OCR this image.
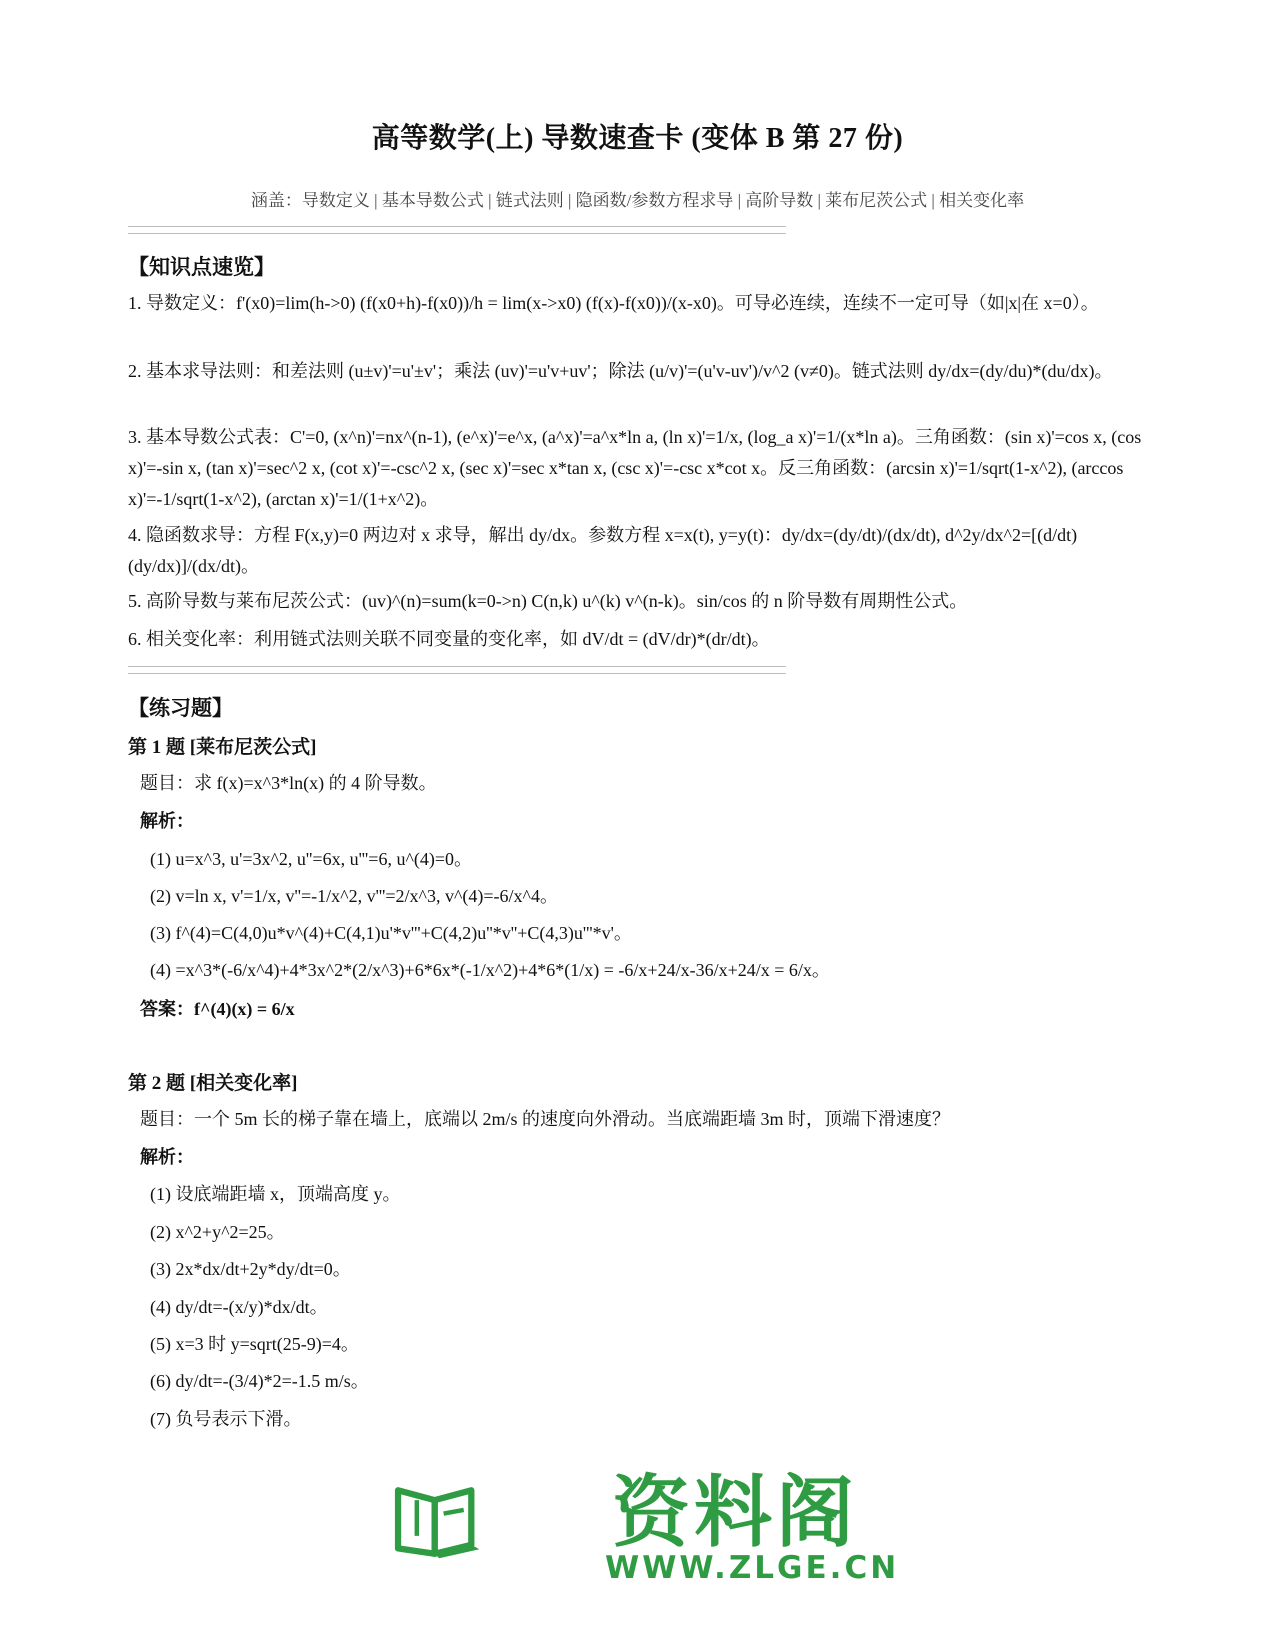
高等数学(上) 导数速查卡 (变体 B 第 27 份)
涵盖：导数定义 | 基本导数公式 | 链式法则 | 隐函数/参数方程求导 | 高阶导数 | 莱布尼茨公式 | 相关变化率
【知识点速览】
1. 导数定义：f'(x0)=lim(h->0) (f(x0+h)-f(x0))/h = lim(x->x0) (f(x)-f(x0))/(x-x0)。可导必连续，连续不一定可导（如|x|在 x=0）。
2. 基本求导法则：和差法则 (u±v)'=u'±v'；乘法 (uv)'=u'v+uv'；除法 (u/v)'=(u'v-uv')/v^2 (v≠0)。链式法则 dy/dx=(dy/du)*(du/dx)。
3. 基本导数公式表：C'=0, (x^n)'=nx^(n-1), (e^x)'=e^x, (a^x)'=a^x*ln a, (ln x)'=1/x, (log_a x)'=1/(x*ln a)。三角函数：(sin x)'=cos x, (cos x)'=-sin x, (tan x)'=sec^2 x, (cot x)'=-csc^2 x, (sec x)'=sec x*tan x, (csc x)'=-csc x*cot x。反三角函数：(arcsin x)'=1/sqrt(1-x^2), (arccos x)'=-1/sqrt(1-x^2), (arctan x)'=1/(1+x^2)。
4. 隐函数求导：方程 F(x,y)=0 两边对 x 求导，解出 dy/dx。参数方程 x=x(t), y=y(t)：dy/dx=(dy/dt)/(dx/dt), d^2y/dx^2=[(d/dt)(dy/dx)]/(dx/dt)。
5. 高阶导数与莱布尼茨公式：(uv)^(n)=sum(k=0->n) C(n,k) u^(k) v^(n-k)。sin/cos 的 n 阶导数有周期性公式。
6. 相关变化率：利用链式法则关联不同变量的变化率，如 dV/dt = (dV/dr)*(dr/dt)。
【练习题】
第 1 题 [莱布尼茨公式]
题目：求 f(x)=x^3*ln(x) 的 4 阶导数。
解析：
(1) u=x^3, u'=3x^2, u''=6x, u'''=6, u^(4)=0。
(2) v=ln x, v'=1/x, v''=-1/x^2, v'''=2/x^3, v^(4)=-6/x^4。
(3) f^(4)=C(4,0)u*v^(4)+C(4,1)u'*v'''+C(4,2)u''*v''+C(4,3)u'''*v'。
(4) =x^3*(-6/x^4)+4*3x^2*(2/x^3)+6*6x*(-1/x^2)+4*6*(1/x) = -6/x+24/x-36/x+24/x = 6/x。
答案：f^(4)(x) = 6/x
第 2 题 [相关变化率]
题目：一个 5m 长的梯子靠在墙上，底端以 2m/s 的速度向外滑动。当底端距墙 3m 时，顶端下滑速度？
解析：
(1) 设底端距墙 x，顶端高度 y。
(2) x^2+y^2=25。
(3) 2x*dx/dt+2y*dy/dt=0。
(4) dy/dt=-(x/y)*dx/dt。
(5) x=3 时 y=sqrt(25-9)=4。
(6) dy/dt=-(3/4)*2=-1.5 m/s。
(7) 负号表示下滑。
资料阁
WWW.ZLGE.CN
